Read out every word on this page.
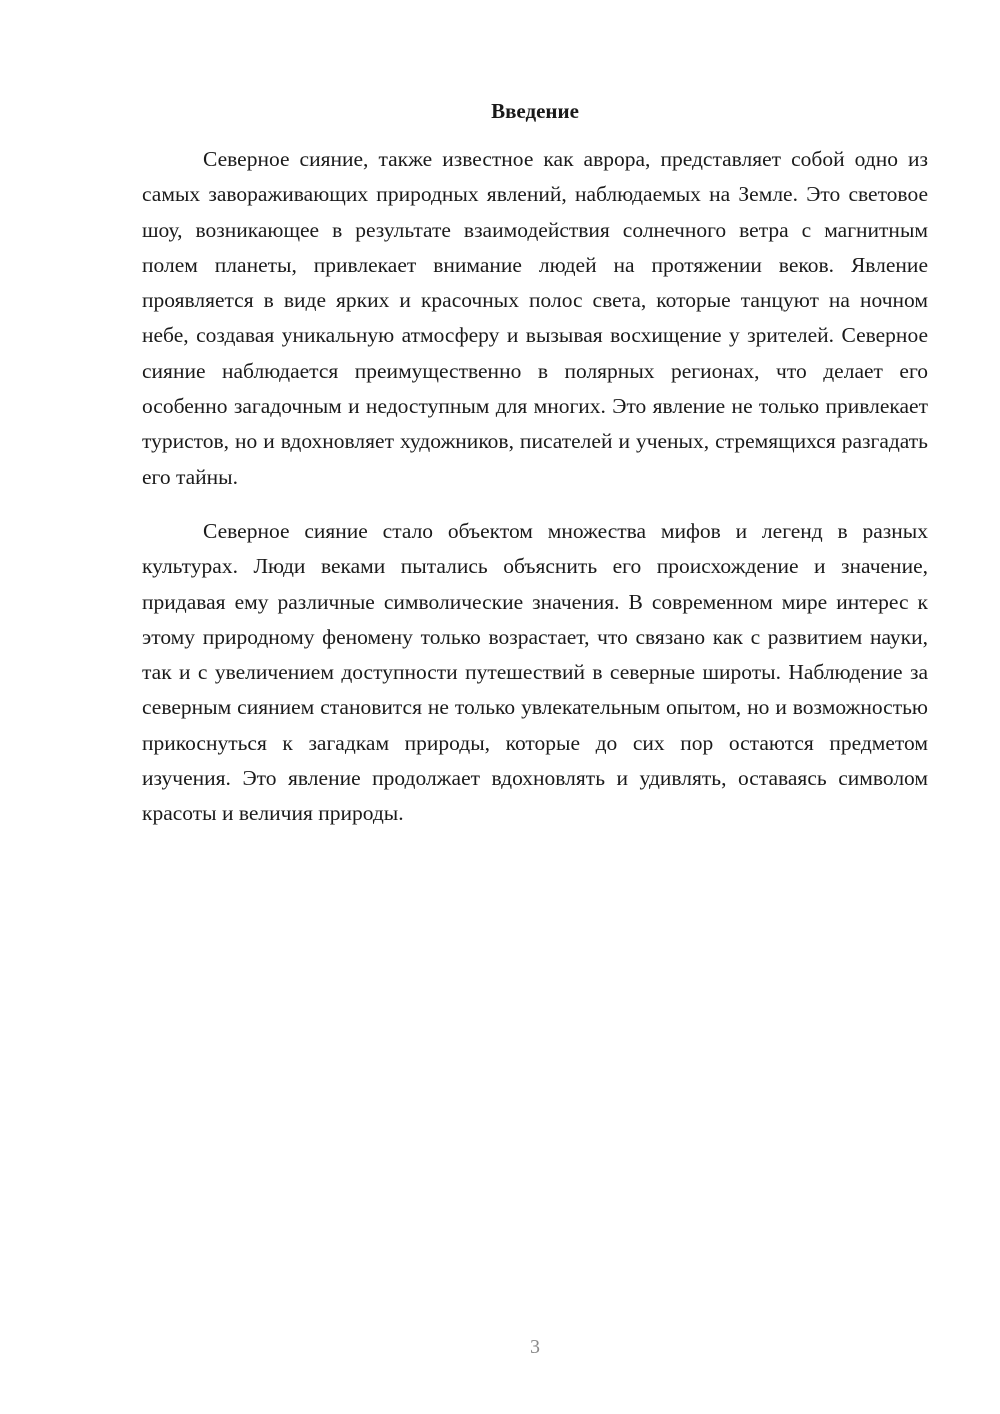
Введение

Северное сияние, также известное как аврора, представляет собой одно из самых завораживающих природных явлений, наблюдаемых на Земле. Это световое шоу, возникающее в результате взаимодействия солнечного ветра с магнитным полем планеты, привлекает внимание людей на протяжении веков. Явление проявляется в виде ярких и красочных полос света, которые танцуют на ночном небе, создавая уникальную атмосферу и вызывая восхищение у зрителей. Северное сияние наблюдается преимущественно в полярных регионах, что делает его особенно загадочным и недоступным для многих. Это явление не только привлекает туристов, но и вдохновляет художников, писателей и ученых, стремящихся разгадать его тайны.

Северное сияние стало объектом множества мифов и легенд в разных культурах. Люди веками пытались объяснить его происхождение и значение, придавая ему различные символические значения. В современном мире интерес к этому природному феномену только возрастает, что связано как с развитием науки, так и с увеличением доступности путешествий в северные широты. Наблюдение за северным сиянием становится не только увлекательным опытом, но и возможностью прикоснуться к загадкам природы, которые до сих пор остаются предметом изучения. Это явление продолжает вдохновлять и удивлять, оставаясь символом красоты и величия природы.

3
